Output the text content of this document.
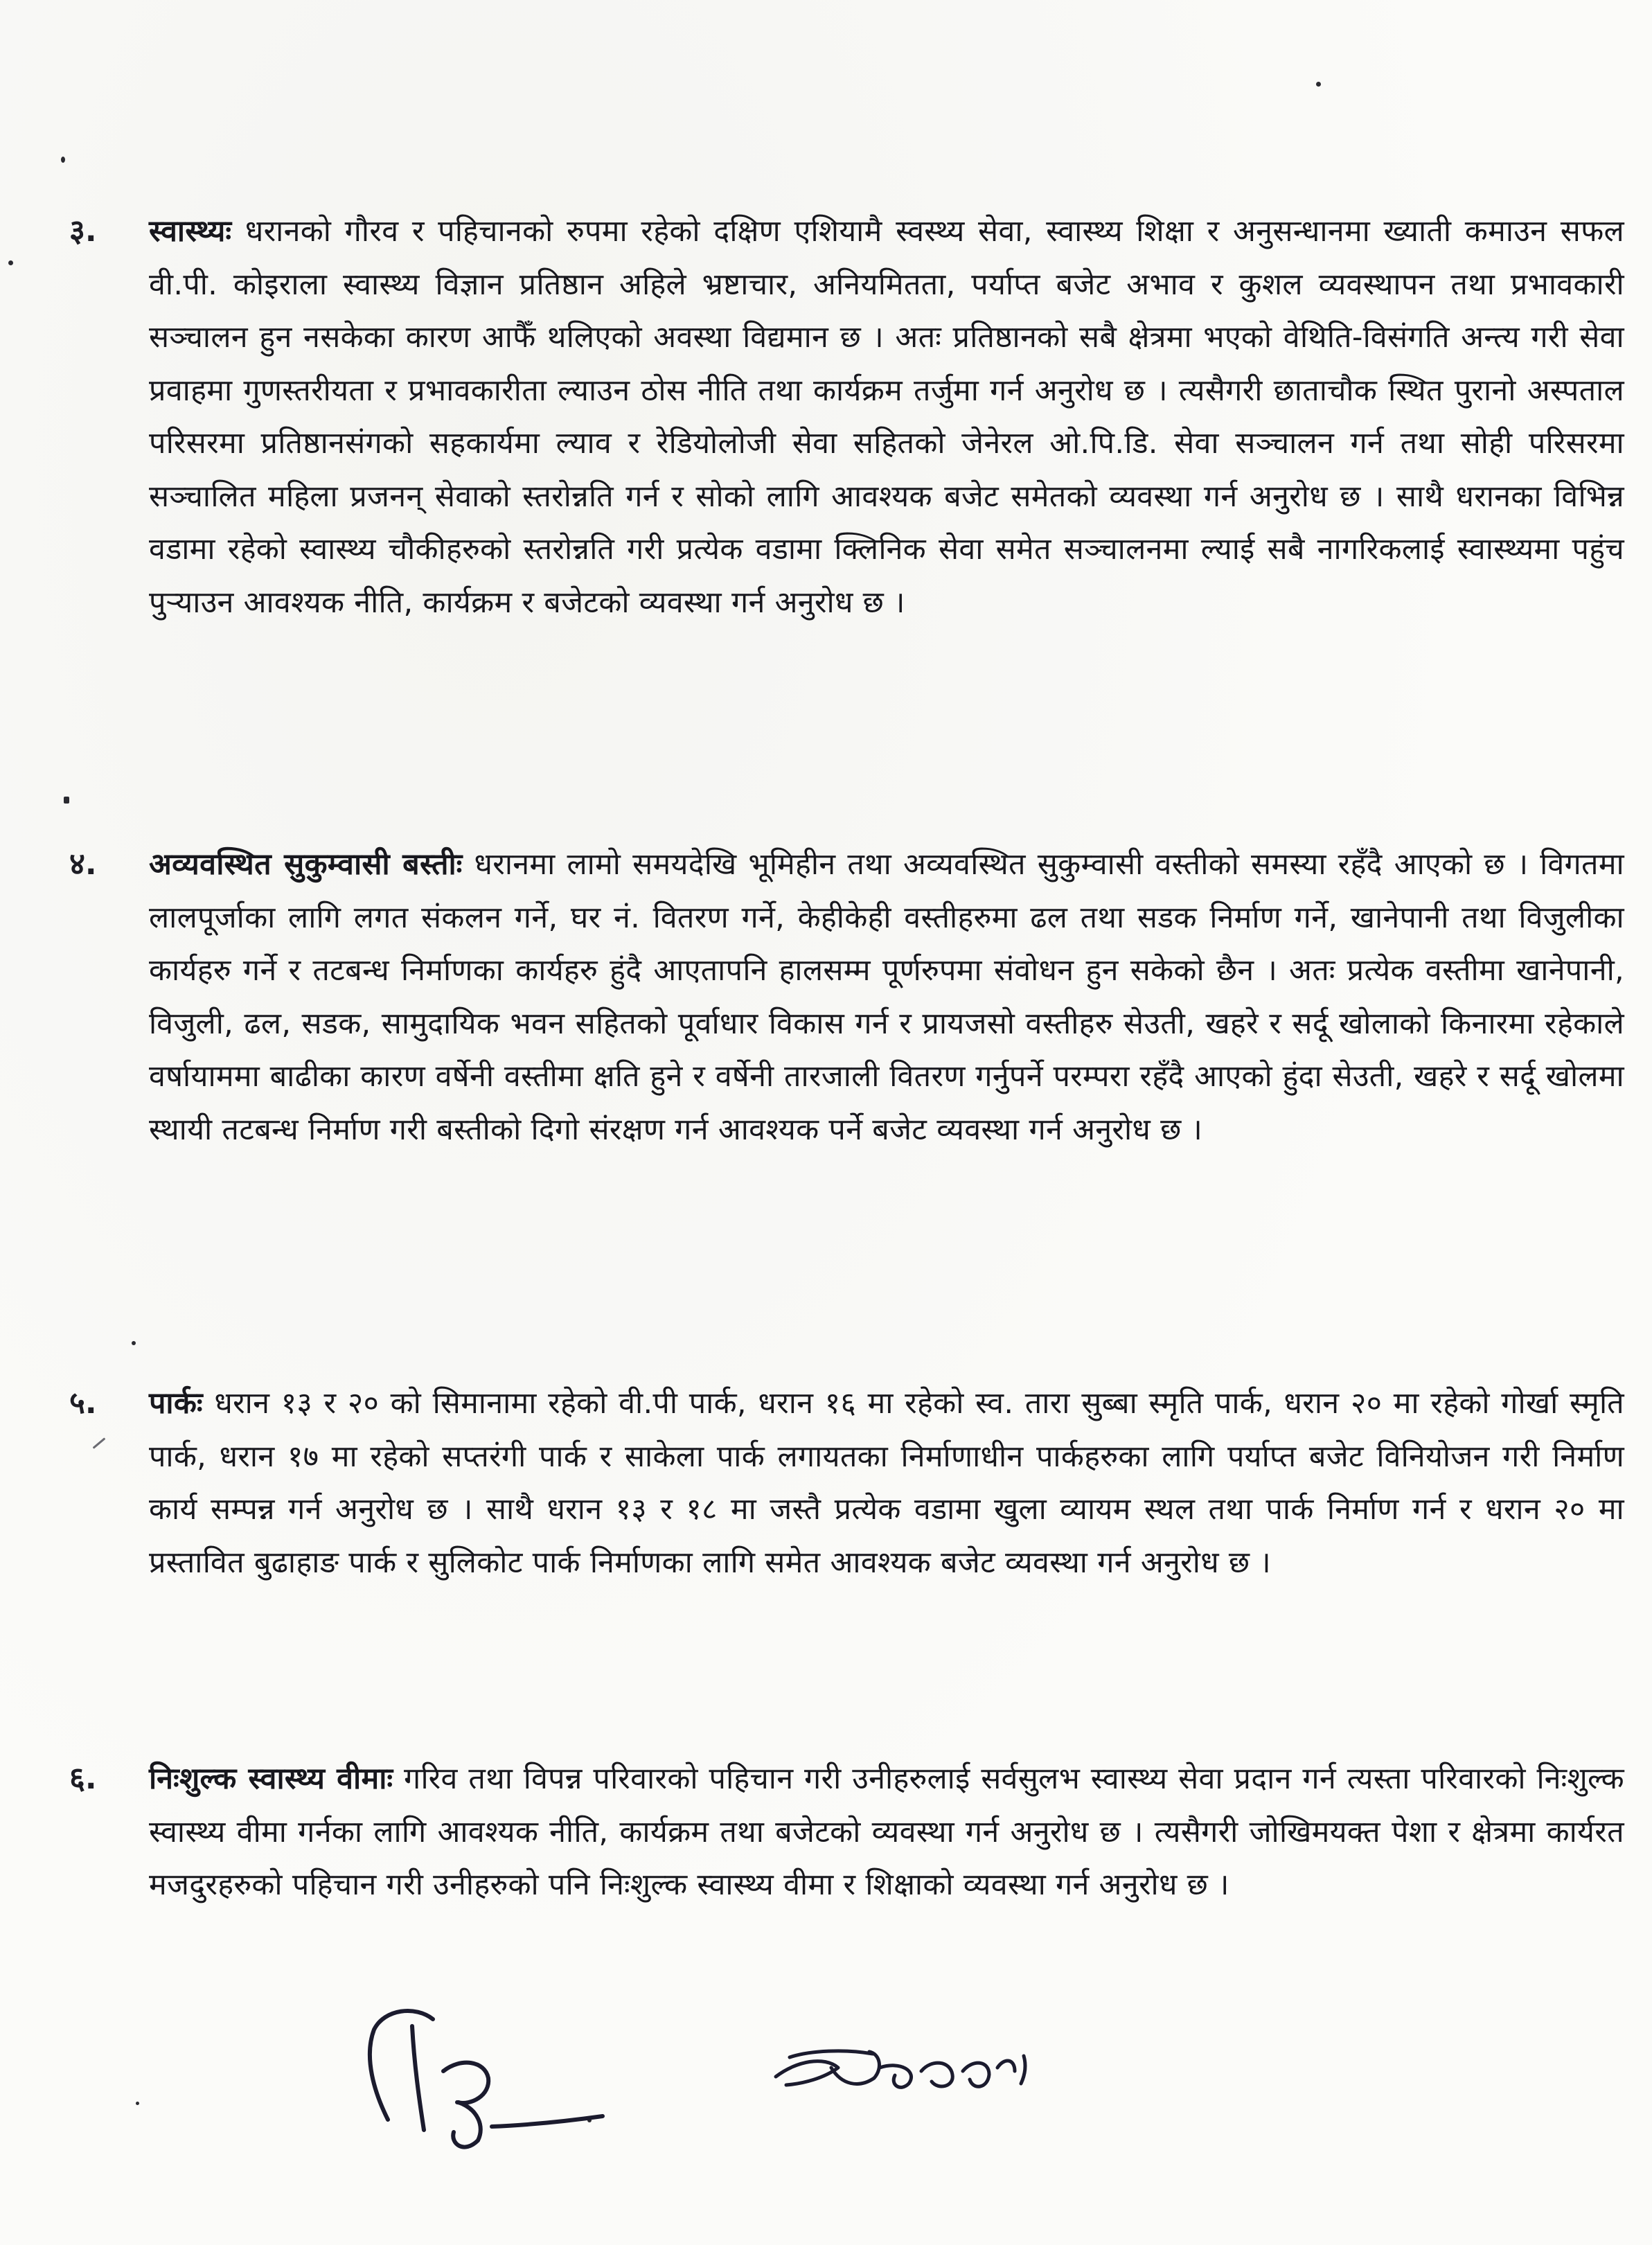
३. स्वास्थ्यः धरानको गौरव र पहिचानको रुपमा रहेको दक्षिण एशियामै स्वस्थ्य सेवा, स्वास्थ्य शिक्षा र अनुसन्धानमा ख्याती कमाउन सफल वी.पी. कोइराला स्वास्थ्य विज्ञान प्रतिष्ठान अहिले भ्रष्टाचार, अनियमितता, पर्याप्त बजेट अभाव र कुशल व्यवस्थापन तथा प्रभावकारी सञ्चालन हुन नसकेका कारण आफैँ थलिएको अवस्था विद्यमान छ । अतः प्रतिष्ठानको सबै क्षेत्रमा भएको वेथिति-विसंगति अन्त्य गरी सेवा प्रवाहमा गुणस्तरीयता र प्रभावकारीता ल्याउन ठोस नीति तथा कार्यक्रम तर्जुमा गर्न अनुरोध छ । त्यसैगरी छाताचौक स्थित पुरानो अस्पताल परिसरमा प्रतिष्ठानसंगको सहकार्यमा ल्याव र रेडियोलोजी सेवा सहितको जेनेरल ओ.पि.डि. सेवा सञ्चालन गर्न तथा सोही परिसरमा सञ्चालित महिला प्रजनन् सेवाको स्तरोन्नति गर्न र सोको लागि आवश्यक बजेट समेतको व्यवस्था गर्न अनुरोध छ । साथै धरानका विभिन्न वडामा रहेको स्वास्थ्य चौकीहरुको स्तरोन्नति गरी प्रत्येक वडामा क्लिनिक सेवा समेत सञ्चालनमा ल्याई सबै नागरिकलाई स्वास्थ्यमा पहुंच पुर्‍याउन आवश्यक नीति, कार्यक्रम र बजेटको व्यवस्था गर्न अनुरोध छ ।

४. अव्यवस्थित सुकुम्वासी बस्तीः धरानमा लामो समयदेखि भूमिहीन तथा अव्यवस्थित सुकुम्वासी वस्तीको समस्या रहँदै आएको छ । विगतमा लालपूर्जाका लागि लगत संकलन गर्ने, घर नं. वितरण गर्ने, केहीकेही वस्तीहरुमा ढल तथा सडक निर्माण गर्ने, खानेपानी तथा विजुलीका कार्यहरु गर्ने र तटबन्ध निर्माणका कार्यहरु हुंदै आएतापनि हालसम्म पूर्णरुपमा संवोधन हुन सकेको छैन । अतः प्रत्येक वस्तीमा खानेपानी, विजुली, ढल, सडक, सामुदायिक भवन सहितको पूर्वाधार विकास गर्न र प्रायजसो वस्तीहरु सेउती, खहरे र सर्दू खोलाको किनारमा रहेकाले वर्षायाममा बाढीका कारण वर्षेनी वस्तीमा क्षति हुने र वर्षेनी तारजाली वितरण गर्नुपर्ने परम्परा रहँदै आएको हुंदा सेउती, खहरे र सर्दू खोलमा स्थायी तटबन्ध निर्माण गरी बस्तीको दिगो संरक्षण गर्न आवश्यक पर्ने बजेट व्यवस्था गर्न अनुरोध छ ।

५. पार्कः धरान १३ र २० को सिमानामा रहेको वी.पी पार्क, धरान १६ मा रहेको स्व. तारा सुब्बा स्मृति पार्क, धरान २० मा रहेको गोर्खा स्मृति पार्क, धरान १७ मा रहेको सप्तरंगी पार्क र साकेला पार्क लगायतका निर्माणाधीन पार्कहरुका लागि पर्याप्त बजेट विनियोजन गरी निर्माण कार्य सम्पन्न गर्न अनुरोध छ । साथै धरान १३ र १८ मा जस्तै प्रत्येक वडामा खुला व्यायम स्थल तथा पार्क निर्माण गर्न र धरान २० मा प्रस्तावित बुढाहाङ पार्क र सुलिकोट पार्क निर्माणका लागि समेत आवश्यक बजेट व्यवस्था गर्न अनुरोध छ ।

६. निःशुल्क स्वास्थ्य वीमाः गरिव तथा विपन्न परिवारको पहिचान गरी उनीहरुलाई सर्वसुलभ स्वास्थ्य सेवा प्रदान गर्न त्यस्ता परिवारको निःशुल्क स्वास्थ्य वीमा गर्नका लागि आवश्यक नीति, कार्यक्रम तथा बजेटको व्यवस्था गर्न अनुरोध छ । त्यसैगरी जोखिमयक्त पेशा र क्षेत्रमा कार्यरत मजदुरहरुको पहिचान गरी उनीहरुको पनि निःशुल्क स्वास्थ्य वीमा र शिक्षाको व्यवस्था गर्न अनुरोध छ ।
